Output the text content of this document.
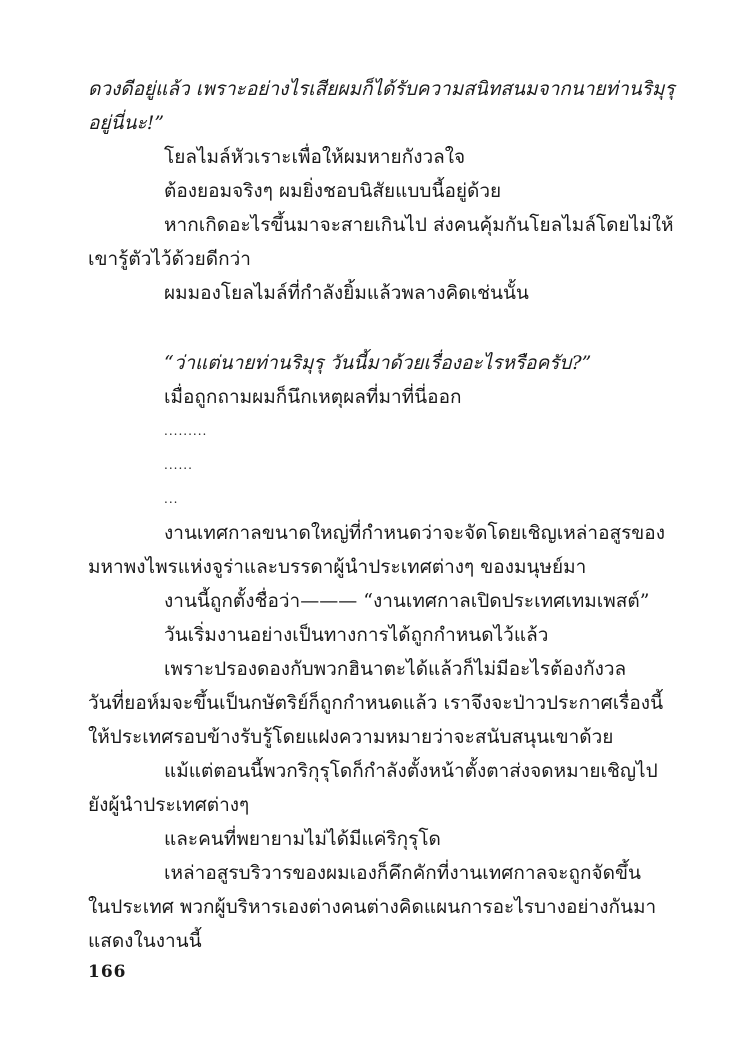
ดวงดีอยู่แล้ว เพราะอย่างไรเสียผมก็ได้รับความสนิทสนมจากนายท่านริมุรุ
อยู่นี่นะ!”
โยลไมล์หัวเราะเพื่อให้ผมหายกังวลใจ
ต้องยอมจริงๆ ผมยิ่งชอบนิสัยแบบนี้อยู่ด้วย
หากเกิดอะไรขึ้นมาจะสายเกินไป ส่งคนคุ้มกันโยลไมล์โดยไม่ให้
เขารู้ตัวไว้ด้วยดีกว่า
ผมมองโยลไมล์ที่กำลังยิ้มแล้วพลางคิดเช่นนั้น
“ว่าแต่นายท่านริมุรุ วันนี้มาด้วยเรื่องอะไรหรือครับ?”
เมื่อถูกถามผมก็นึกเหตุผลที่มาที่นี่ออก
.........
......
...
งานเทศกาลขนาดใหญ่ที่กำหนดว่าจะจัดโดยเชิญเหล่าอสูรของ
มหาพงไพรแห่งจูร่าและบรรดาผู้นำประเทศต่างๆ ของมนุษย์มา
งานนี้ถูกตั้งชื่อว่า——— “งานเทศกาลเปิดประเทศเทมเพสต์”
วันเริ่มงานอย่างเป็นทางการได้ถูกกำหนดไว้แล้ว
เพราะปรองดองกับพวกฮินาตะได้แล้วก็ไม่มีอะไรต้องกังวล
วันที่ยอห์มจะขึ้นเป็นกษัตริย์ก็ถูกกำหนดแล้ว เราจึงจะป่าวประกาศเรื่องนี้
ให้ประเทศรอบข้างรับรู้โดยแฝงความหมายว่าจะสนับสนุนเขาด้วย
แม้แต่ตอนนี้พวกริกุรุโดก็กำลังตั้งหน้าตั้งตาส่งจดหมายเชิญไป
ยังผู้นำประเทศต่างๆ
และคนที่พยายามไม่ได้มีแค่ริกุรุโด
เหล่าอสูรบริวารของผมเองก็คึกคักที่งานเทศกาลจะถูกจัดขึ้น
ในประเทศ พวกผู้บริหารเองต่างคนต่างคิดแผนการอะไรบางอย่างกันมา
แสดงในงานนี้
166
